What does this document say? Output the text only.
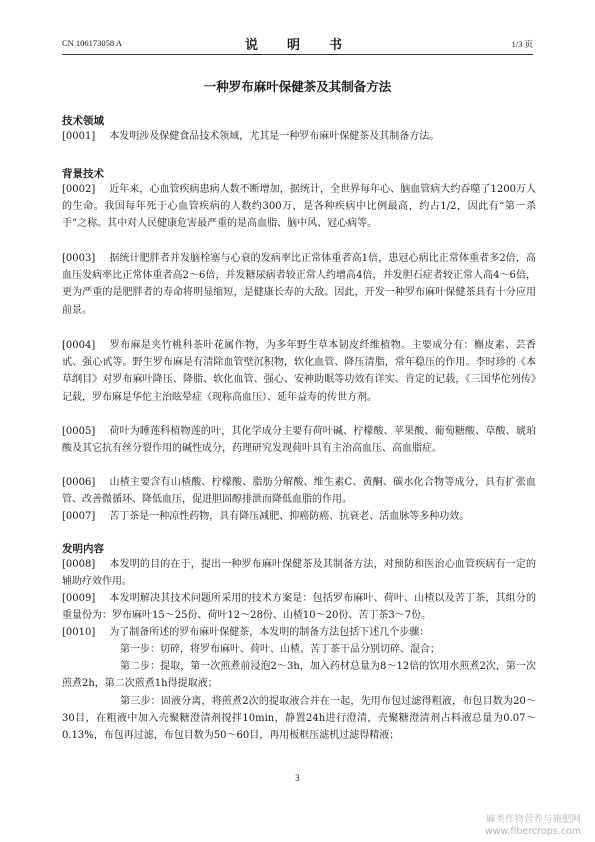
CN 106173058 A	说　明　书	1/3 页
一种罗布麻叶保健茶及其制备方法
技术领域
[0001] 本发明涉及保健食品技术领域，尤其是一种罗布麻叶保健茶及其制备方法。
背景技术
[0002] 近年来，心血管疾病患病人数不断增加，据统计，全世界每年心、脑血管病大约吞噬了1200万人的生命。我国每年死于心血管疾病的人数约300万，是各种疾病中比例最高，约占1/2，因此有“第一杀手”之称。其中对人民健康危害最严重的是高血脂、脑中风、冠心病等。
[0003] 据统计肥胖者并发脑栓塞与心衰的发病率比正常体重者高1倍，患冠心病比正常体重者多2倍，高血压发病率比正常体重者高2～6倍，并发糖尿病者较正常人约增高4倍，并发胆石症者较正常人高4～6倍，更为严重的是肥胖者的寿命将明显缩短，是健康长寿的大敌。因此，开发一种罗布麻叶保健茶具有十分应用前景。
[0004] 罗布麻是夹竹桃科茶叶花属作物，为多年野生草本韧皮纤维植物。主要成分有：槲皮素、芸香甙、强心甙等。野生罗布麻是有清除血管壁沉积物，软化血管、降压清脂，常年稳压的作用。李时珍的《本草纲目》对罗布麻叶降压、降脂、软化血管、强心、安神助眠等功效有详实、肯定的记载，《三国华佗列传》记载，罗布麻是华佗主治眩晕症（现称高血压）、延年益寿的传世方剂。
[0005] 荷叶为睡莲科植物莲的叶，其化学成分主要有荷叶碱、柠檬酸、苹果酸、葡萄糖酸、草酸、琥珀酸及其它抗有丝分裂作用的碱性成分，药理研究发现荷叶具有主治高血压、高血脂症。
[0006] 山楂主要含有山楂酸、柠檬酸、脂肪分解酸、维生素C、黄酮、碳水化合物等成分，具有扩张血管、改善微循环、降低血压，促进胆固醇排泄而降低血脂的作用。
[0007] 苦丁茶是一种凉性药物，具有降压减肥、抑癌防癌、抗衰老、活血脉等多种功效。
发明内容
[0008] 本发明的目的在于，提出一种罗布麻叶保健茶及其制备方法，对预防和医治心血管疾病有一定的辅助疗效作用。
[0009] 本发明解决其技术问题所采用的技术方案是：包括罗布麻叶、荷叶、山楂以及苦丁茶，其组分的重量份为：罗布麻叶15～25份、荷叶12～28份、山楂10～20份、苦丁茶3～7份。
[0010] 为了制备所述的罗布麻叶保健茶，本发明的制备方法包括下述几个步骤：
第一步：切碎，将罗布麻叶、荷叶、山楂、苦丁茶干品分别切碎、混合；
第二步：提取，第一次煎煮前浸泡2～3h，加入药材总量为8～12倍的饮用水煎煮2次，第一次煎煮2h，第二次煎煮1h得提取液；
第三步：固液分离，将煎煮2次的提取液合并在一起，先用布包过滤得粗液，布包目数为20～30目，在粗液中加入壳聚糖澄清剂搅拌10min，静置24h进行澄清，壳聚糖澄清剂占料液总量为0.07～0.13%，布包再过滤，布包目数为50～60目，再用板框压滤机过滤得精液；
3
麻类作物营养与施肥网
www.fibercrops.com
